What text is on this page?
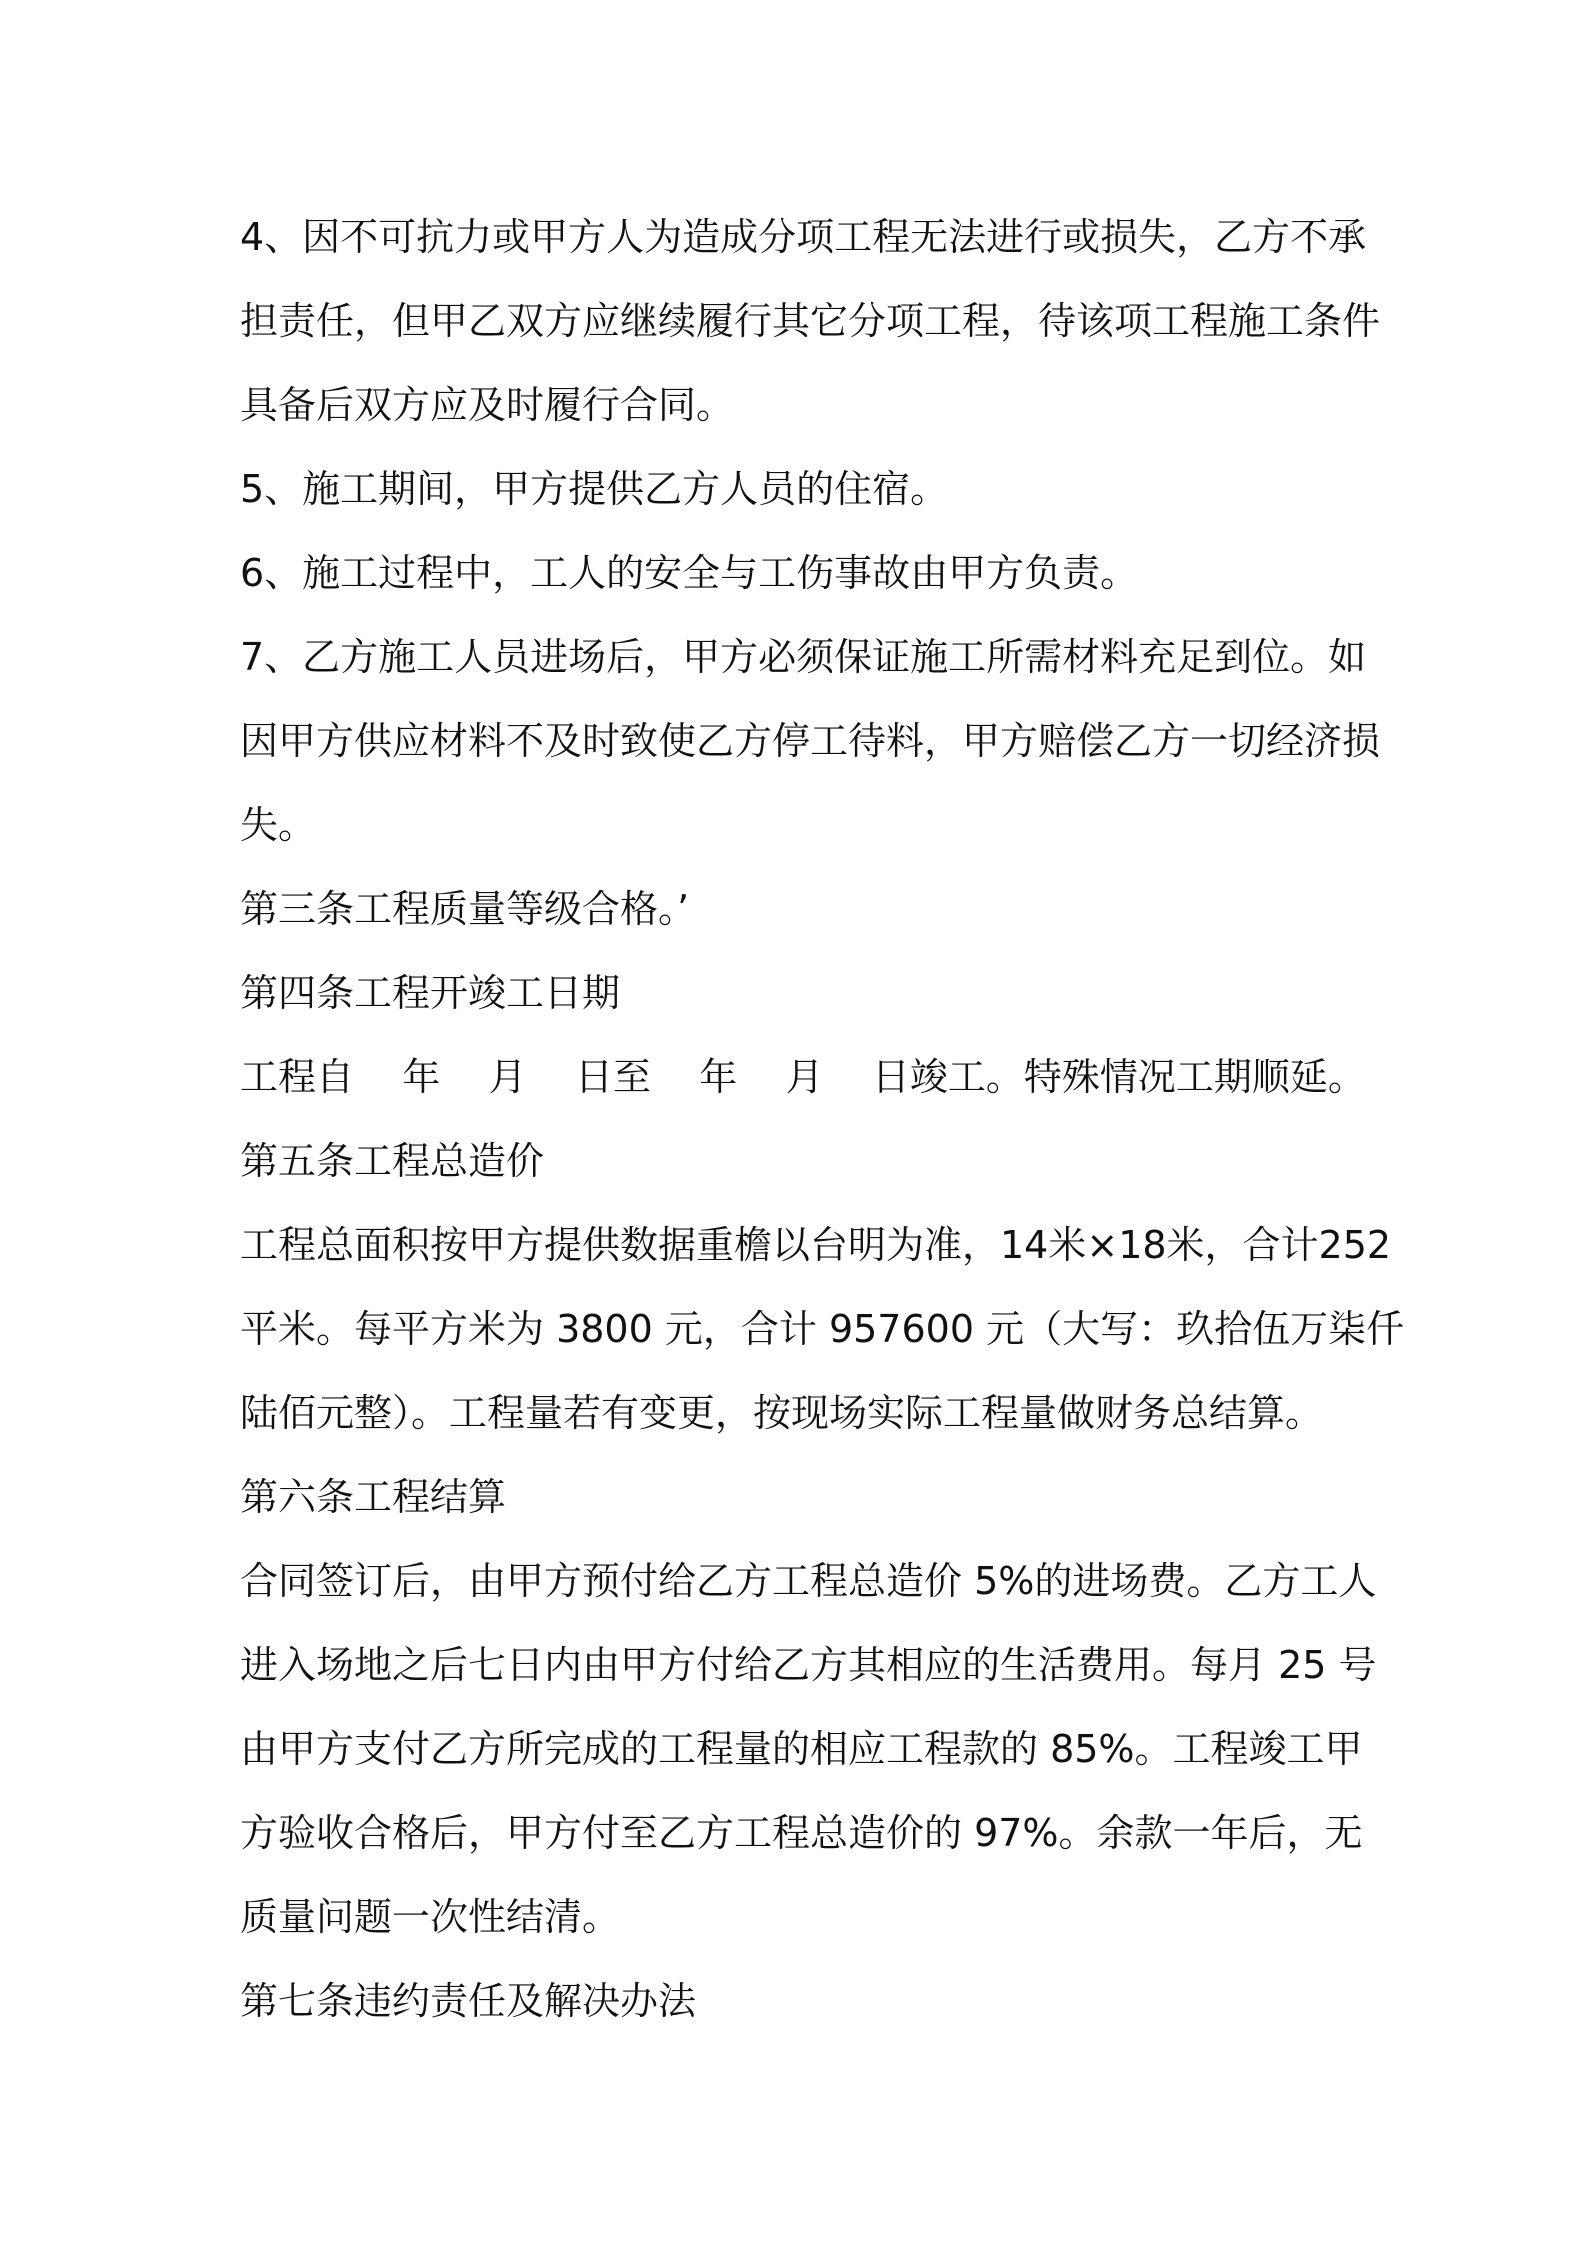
4、因不可抗力或甲方人为造成分项工程无法进行或损失，乙方不承
担责任，但甲乙双方应继续履行其它分项工程，待该项工程施工条件
具备后双方应及时履行合同。
5、施工期间，甲方提供乙方人员的住宿。
6、施工过程中，工人的安全与工伤事故由甲方负责。
7、乙方施工人员进场后，甲方必须保证施工所需材料充足到位。如
因甲方供应材料不及时致使乙方停工待料，甲方赔偿乙方一切经济损
失。
第三条工程质量等级合格。’
第四条工程开竣工日期
工程自    年    月    日至    年    月    日竣工。特殊情况工期顺延。
第五条工程总造价
工程总面积按甲方提供数据重檐以台明为准，14米×18米，合计252
平米。每平方米为 3800 元，合计 957600 元（大写：玖拾伍万柒仟
陆佰元整）。工程量若有变更，按现场实际工程量做财务总结算。
第六条工程结算
合同签订后，由甲方预付给乙方工程总造价 5%的进场费。乙方工人
进入场地之后七日内由甲方付给乙方其相应的生活费用。每月 25 号
由甲方支付乙方所完成的工程量的相应工程款的 85%。工程竣工甲
方验收合格后，甲方付至乙方工程总造价的 97%。余款一年后，无
质量问题一次性结清。
第七条违约责任及解决办法
